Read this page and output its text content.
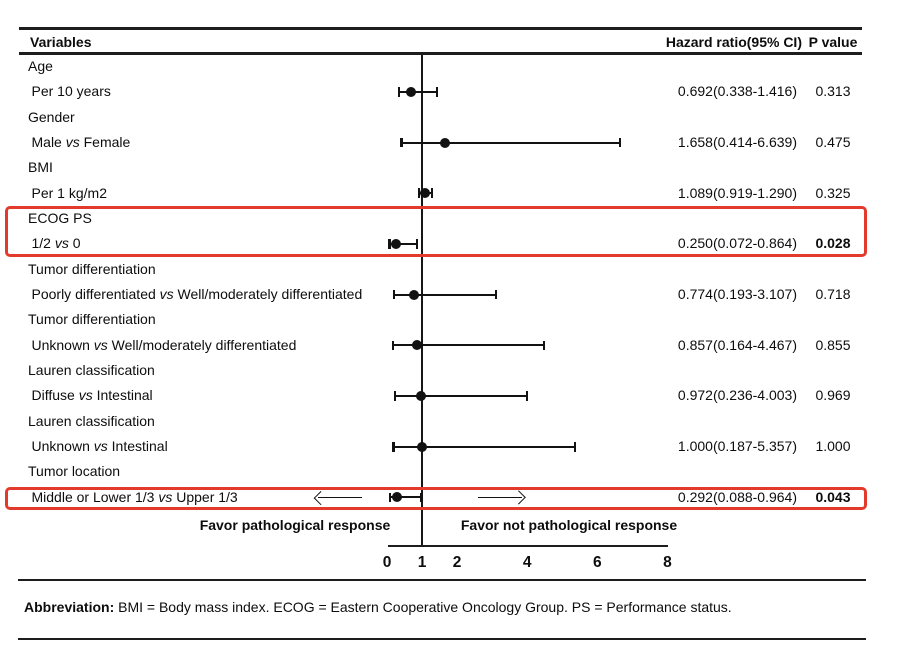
Variables	Hazard ratio(95% CI) P value
Age
Per 10 years	0.692(0.338-1.416)	0.313
Gender
Male vs Female	1.658(0.414-6.639)	0.475
BMI
Per 1 kg/m2	1.089(0.919-1.290)	0.325
ECOG PS
1/2 vs 0	0.250(0.072-0.864)	0.028
Tumor differentiation
Poorly differentiated vs Well/moderately differentiated	0.774(0.193-3.107)	0.718
Tumor differentiation
Unknown vs Well/moderately differentiated	0.857(0.164-4.467)	0.855
Lauren classification
Diffuse vs Intestinal	0.972(0.236-4.003)	0.969
Lauren classification
Unknown vs Intestinal	1.000(0.187-5.357)	1.000
Tumor location
Middle or Lower 1/3 vs Upper 1/3	0.292(0.088-0.964)	0.043
Favor pathological response	Favor not pathological response
0	1	2	4	6	8
Abbreviation: BMI = Body mass index. ECOG = Eastern Cooperative Oncology Group. PS = Performance status.
